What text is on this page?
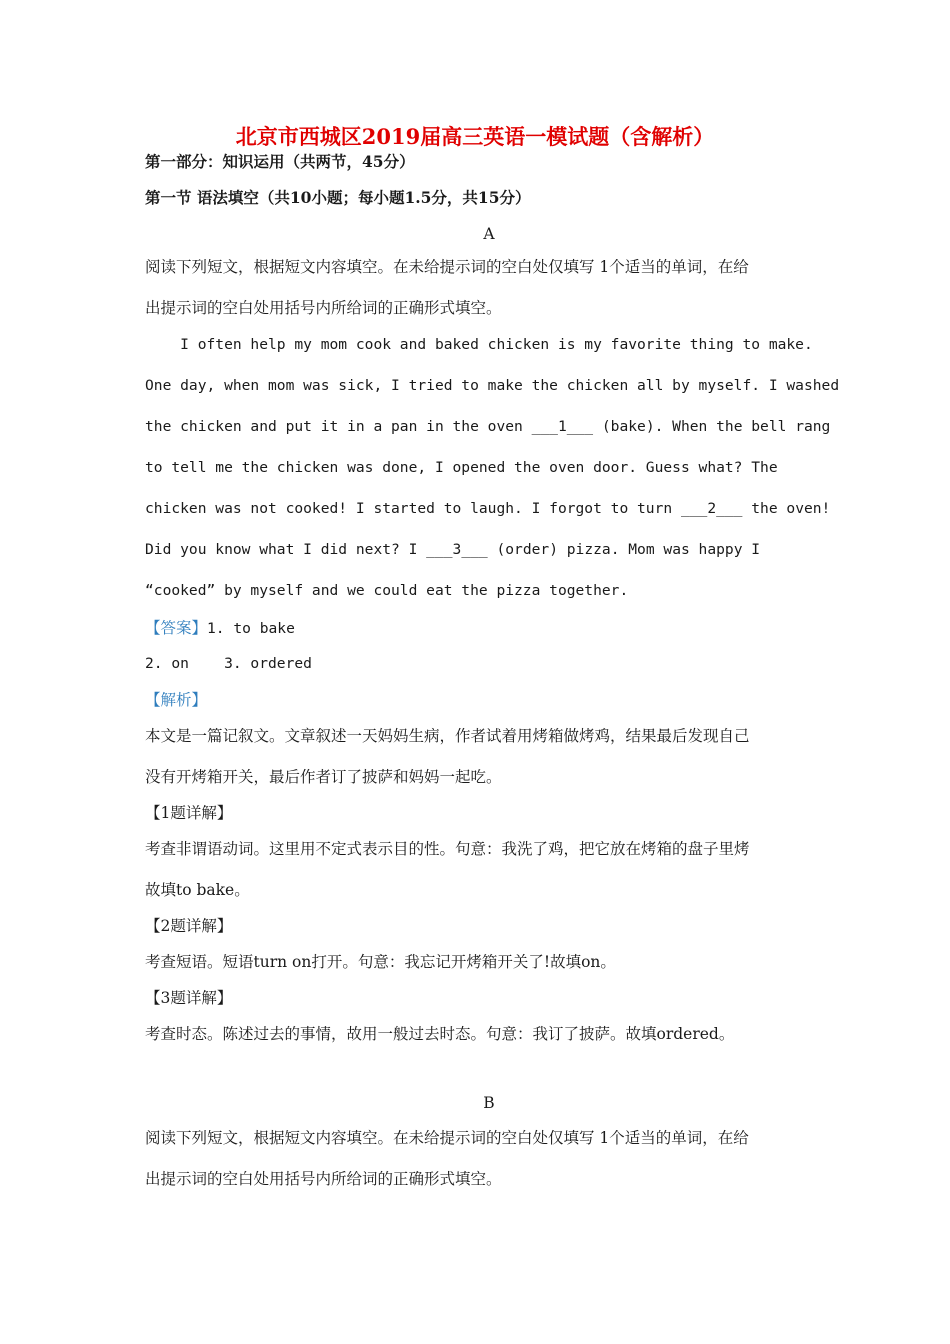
北京市西城区2019届高三英语一模试题（含解析）
第一部分：知识运用（共两节，45分）
第一节 语法填空（共10小题；每小题1.5分，共15分）
A
阅读下列短文，根据短文内容填空。在未给提示词的空白处仅填写 1个适当的单词，在给
出提示词的空白处用括号内所给词的正确形式填空。
I often help my mom cook and baked chicken is my favorite thing to make.
One day, when mom was sick, I tried to make the chicken all by myself. I washed
the chicken and put it in a pan in the oven ___1___ (bake). When the bell rang
to tell me the chicken was done, I opened the oven door. Guess what? The
chicken was not cooked! I started to laugh. I forgot to turn ___2___ the oven!
Did you know what I did next? I ___3___ (order) pizza. Mom was happy I
“cooked” by myself and we could eat the pizza together.
【答案】1. to bake
2. on    3. ordered
【解析】
本文是一篇记叙文。文章叙述一天妈妈生病，作者试着用烤箱做烤鸡，结果最后发现自己
没有开烤箱开关，最后作者订了披萨和妈妈一起吃。
【1题详解】
考查非谓语动词。这里用不定式表示目的性。句意：我洗了鸡，把它放在烤箱的盘子里烤
故填to bake。
【2题详解】
考查短语。短语turn on打开。句意：我忘记开烤箱开关了!故填on。
【3题详解】
考查时态。陈述过去的事情，故用一般过去时态。句意：我订了披萨。故填ordered。
B
阅读下列短文，根据短文内容填空。在未给提示词的空白处仅填写 1个适当的单词，在给
出提示词的空白处用括号内所给词的正确形式填空。
